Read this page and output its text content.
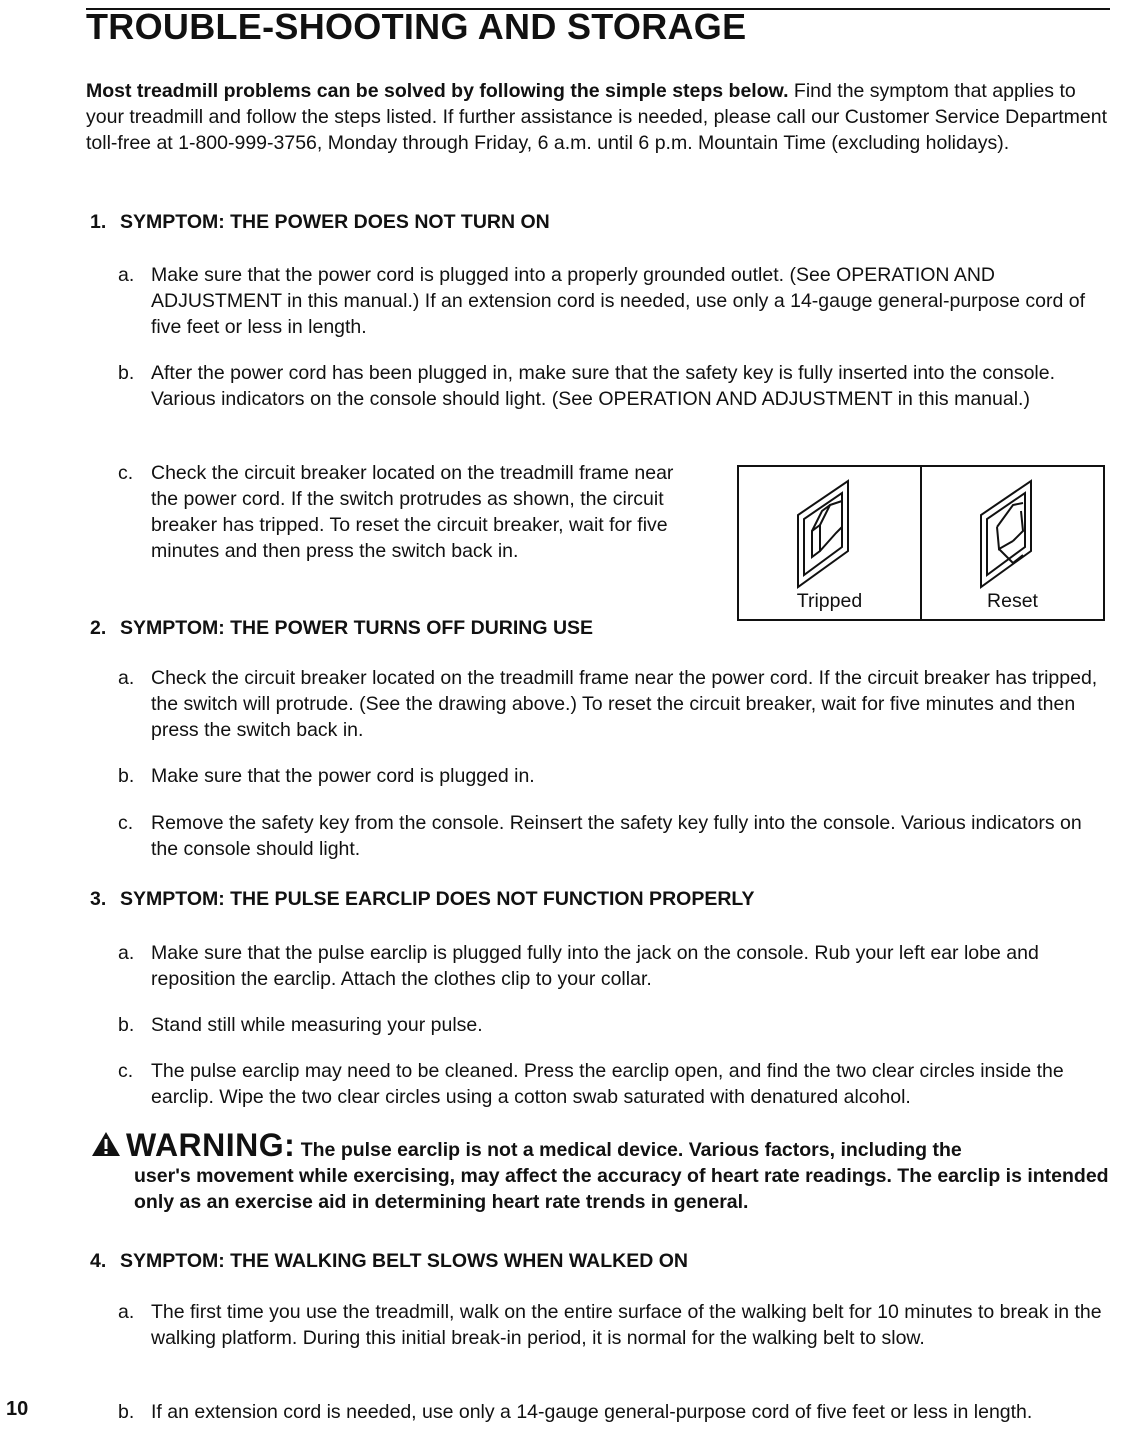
TROUBLE-SHOOTING AND STORAGE

Most treadmill problems can be solved by following the simple steps below. Find the symptom that applies to your treadmill and follow the steps listed. If further assistance is needed, please call our Customer Service Department toll-free at 1-800-999-3756, Monday through Friday, 6 a.m. until 6 p.m. Mountain Time (excluding holidays).

1. SYMPTOM: THE POWER DOES NOT TURN ON

a. Make sure that the power cord is plugged into a properly grounded outlet. (See OPERATION AND ADJUSTMENT in this manual.) If an extension cord is needed, use only a 14-gauge general-purpose cord of five feet or less in length.

b. After the power cord has been plugged in, make sure that the safety key is fully inserted into the console. Various indicators on the console should light. (See OPERATION AND ADJUSTMENT in this manual.)

c. Check the circuit breaker located on the treadmill frame near the power cord. If the switch protrudes as shown, the circuit breaker has tripped. To reset the circuit breaker, wait for five minutes and then press the switch back in.

Tripped	Reset

2. SYMPTOM: THE POWER TURNS OFF DURING USE

a. Check the circuit breaker located on the treadmill frame near the power cord. If the circuit breaker has tripped, the switch will protrude. (See the drawing above.) To reset the circuit breaker, wait for five minutes and then press the switch back in.

b. Make sure that the power cord is plugged in.

c. Remove the safety key from the console. Reinsert the safety key fully into the console. Various indicators on the console should light.

3. SYMPTOM: THE PULSE EARCLIP DOES NOT FUNCTION PROPERLY

a. Make sure that the pulse earclip is plugged fully into the jack on the console. Rub your left ear lobe and reposition the earclip. Attach the clothes clip to your collar.

b. Stand still while measuring your pulse.

c. The pulse earclip may need to be cleaned. Press the earclip open, and find the two clear circles inside the earclip. Wipe the two clear circles using a cotton swab saturated with denatured alcohol.

WARNING: The pulse earclip is not a medical device. Various factors, including the
user's movement while exercising, may affect the accuracy of heart rate readings. The earclip is intended only as an exercise aid in determining heart rate trends in general.

4. SYMPTOM: THE WALKING BELT SLOWS WHEN WALKED ON

a. The first time you use the treadmill, walk on the entire surface of the walking belt for 10 minutes to break in the walking platform. During this initial break-in period, it is normal for the walking belt to slow.

b. If an extension cord is needed, use only a 14-gauge general-purpose cord of five feet or less in length.

10
